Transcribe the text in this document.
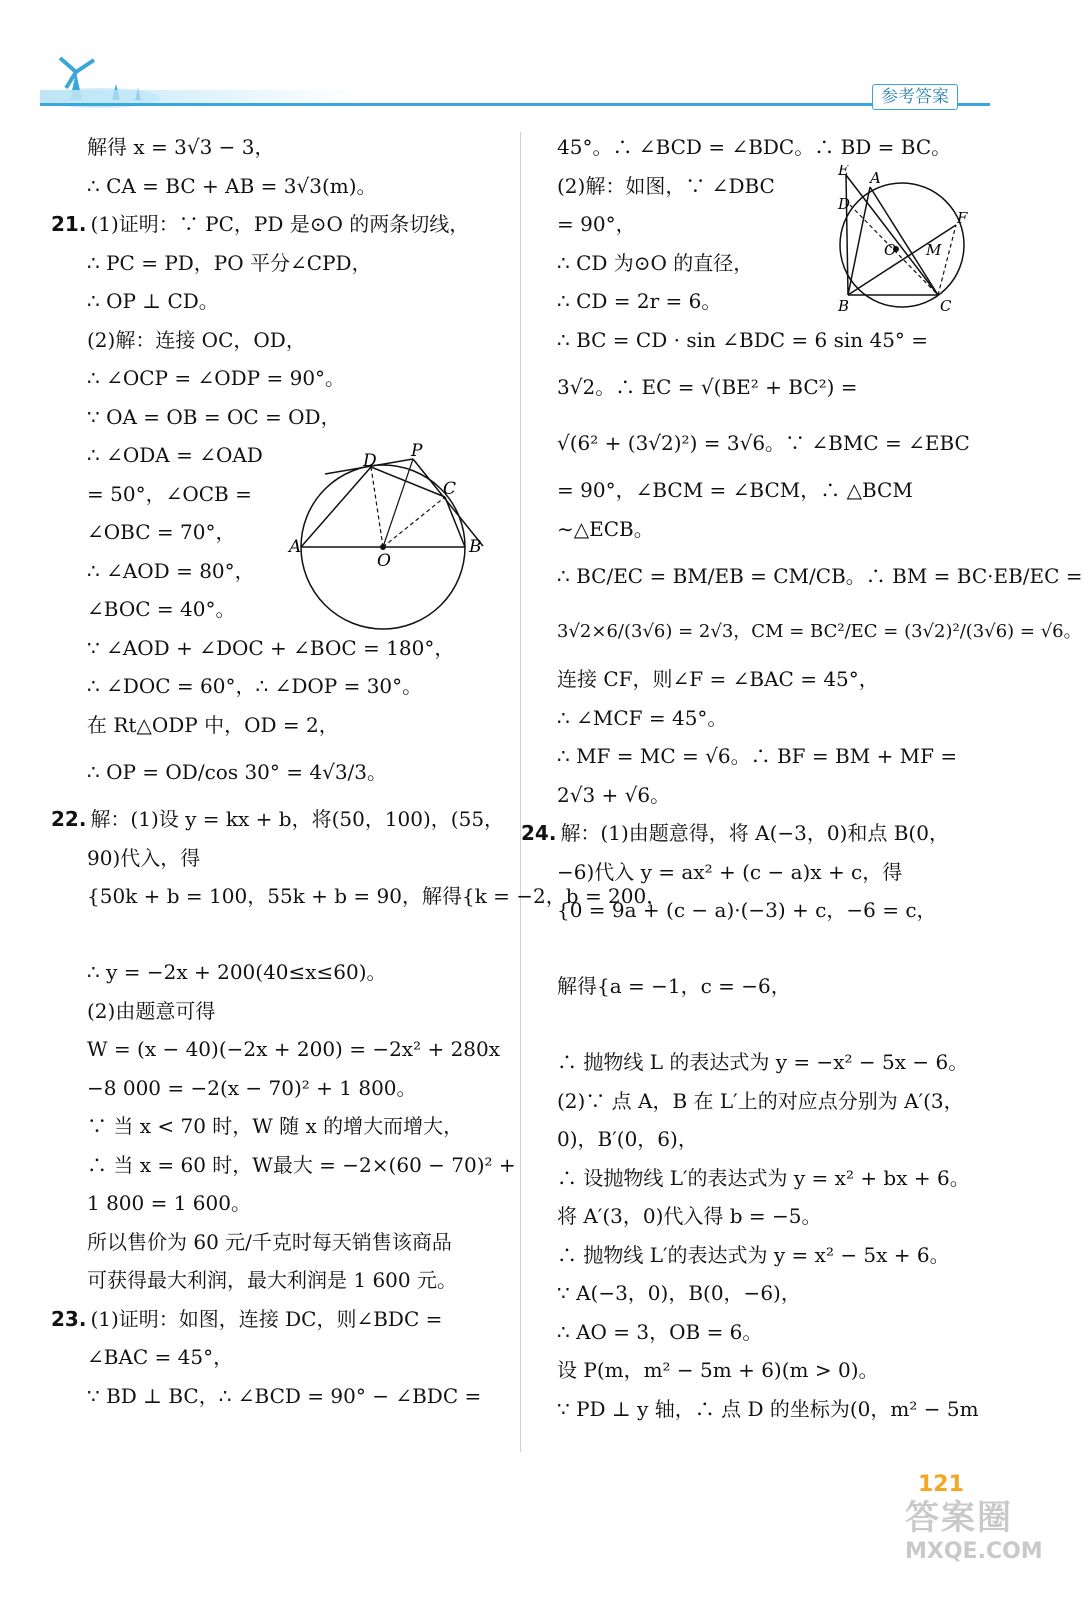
参考答案
解得 x = 3√3 − 3，
∴ CA = BC + AB = 3√3(m)。
21. (1)证明：∵ PC，PD 是⊙O 的两条切线，
∴ PC = PD，PO 平分∠CPD，
∴ OP ⊥ CD。
(2)解：连接 OC，OD，
∴ ∠OCP = ∠ODP = 90°。
∵ OA = OB = OC = OD，
∴ ∠ODA = ∠OAD
= 50°，∠OCB =
∠OBC = 70°，
∴ ∠AOD = 80°，
∠BOC = 40°。
∵ ∠AOD + ∠DOC + ∠BOC = 180°，
∴ ∠DOC = 60°，∴ ∠DOP = 30°。
在 Rt△ODP 中，OD = 2，
∴ OP = OD/cos 30° = 4√3/3。
22. 解：(1)设 y = kx + b，将(50，100)，(55，
90)代入，得
{50k + b = 100，55k + b = 90，解得{k = −2，b = 200，
∴ y = −2x + 200(40≤x≤60)。
(2)由题意可得
W = (x − 40)(−2x + 200) = −2x² + 280x
−8 000 = −2(x − 70)² + 1 800。
∵ 当 x < 70 时，W 随 x 的增大而增大，
∴ 当 x = 60 时，W最大 = −2×(60 − 70)² +
1 800 = 1 600。
所以售价为 60 元/千克时每天销售该商品
可获得最大利润，最大利润是 1 600 元。
23. (1)证明：如图，连接 DC，则∠BDC =
∠BAC = 45°，
∵ BD ⊥ BC，∴ ∠BCD = 90° − ∠BDC =
A	B
C
D
O
P
45°。∴ ∠BCD = ∠BDC。∴ BD = BC。
(2)解：如图，∵ ∠DBC
= 90°，
∴ CD 为⊙O 的直径，
∴ CD = 2r = 6。
∴ BC = CD · sin ∠BDC = 6 sin 45° =
3√2。∴ EC = √(BE² + BC²) =
√(6² + (3√2)²) = 3√6。∵ ∠BMC = ∠EBC
= 90°，∠BCM = ∠BCM，∴ △BCM
∼△ECB。
∴ BC/EC = BM/EB = CM/CB。∴ BM = BC·EB/EC =
3√2×6/(3√6) = 2√3，CM = BC²/EC = (3√2)²/(3√6) = √6。
连接 CF，则∠F = ∠BAC = 45°，
∴ ∠MCF = 45°。
∴ MF = MC = √6。∴ BF = BM + MF =
2√3 + √6。
24. 解：(1)由题意得，将 A(−3，0)和点 B(0，
−6)代入 y = ax² + (c − a)x + c，得
{0 = 9a + (c − a)·(−3) + c，−6 = c，
解得{a = −1，c = −6，
∴ 抛物线 L 的表达式为 y = −x² − 5x − 6。
(2)∵ 点 A，B 在 L′上的对应点分别为 A′(3，
0)，B′(0，6)，
∴ 设抛物线 L′的表达式为 y = x² + bx + 6。
将 A′(3，0)代入得 b = −5。
∴ 抛物线 L′的表达式为 y = x² − 5x + 6。
∵ A(−3，0)，B(0，−6)，
∴ AO = 3，OB = 6。
设 P(m，m² − 5m + 6)(m > 0)。
∵ PD ⊥ y 轴，∴ 点 D 的坐标为(0，m² − 5m
E A
D
F
O M
B	C
121
答案圈
MXQE.COM
